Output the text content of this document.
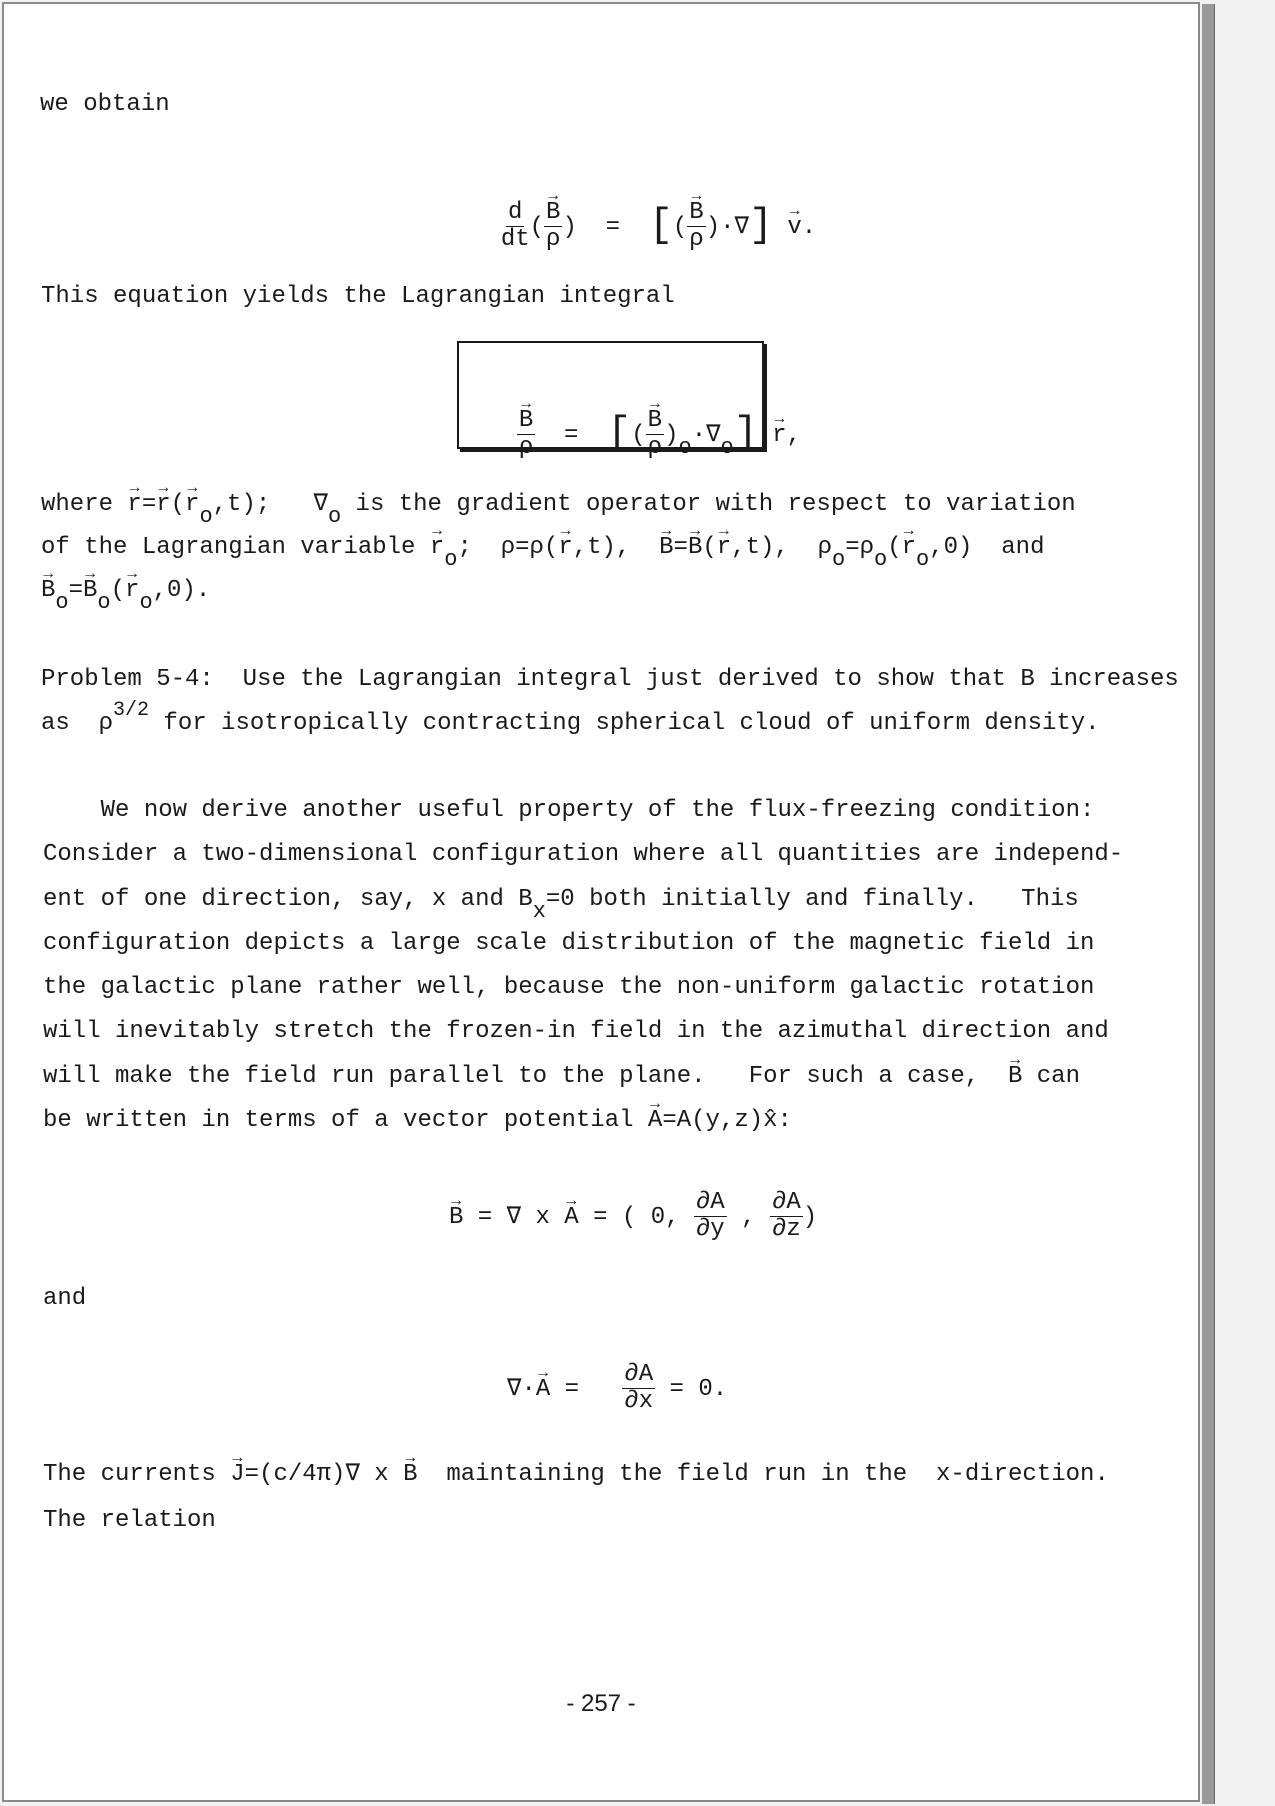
we obtain

$\frac{d}{dt}$ ( → $\frac{B}{\rho}$ )  = [( → $\frac{B}{\rho}$ )·∇] → v.

This equation yields the Lagrangian integral

→ $\frac{B}{\rho}$ = [( → $\frac{B}{\rho} )o\cdot\nabla o] \to r$,

where → r=→ r(→ ro,t);   ∇o is the gradient operator with respect to variation
of the Lagrangian variable → ro;  ρ=ρ(→ r,t),  → B=→ B(→ r,t),  ρo=ρo(→ ro,0)  and
→ Bo=→ Bo(→ ro,0).
Problem 5-4:  Use the Lagrangian integral just derived to show that B increases
as  $\rho^{3/2}$ for isotropically contracting spherical cloud of uniform density.
We now derive another useful property of the flux-freezing condition:
Consider a two-dimensional configuration where all quantities are independ-
ent of one direction, say, x and Bx=0 both initially and finally.   This
configuration depicts a large scale distribution of the magnetic field in
the galactic plane rather well, because the non-uniform galactic rotation
will inevitably stretch the frozen-in field in the azimuthal direction and
will make the field run parallel to the plane.   For such a case,  → B can
be written in terms of a vector potential → A=A(y,z)x̂:
→ B = ∇ x → A = ( 0, $\frac{\partial A}{\partial y}$ , $\frac{\partial A}{\partial z}$ )
and
∇·→ $A = \frac{\partial A}{\partial x} = 0$.
The currents → J=(c/4π)∇ x → B  maintaining the field run in the  x-direction.
The relation
- 257 -
